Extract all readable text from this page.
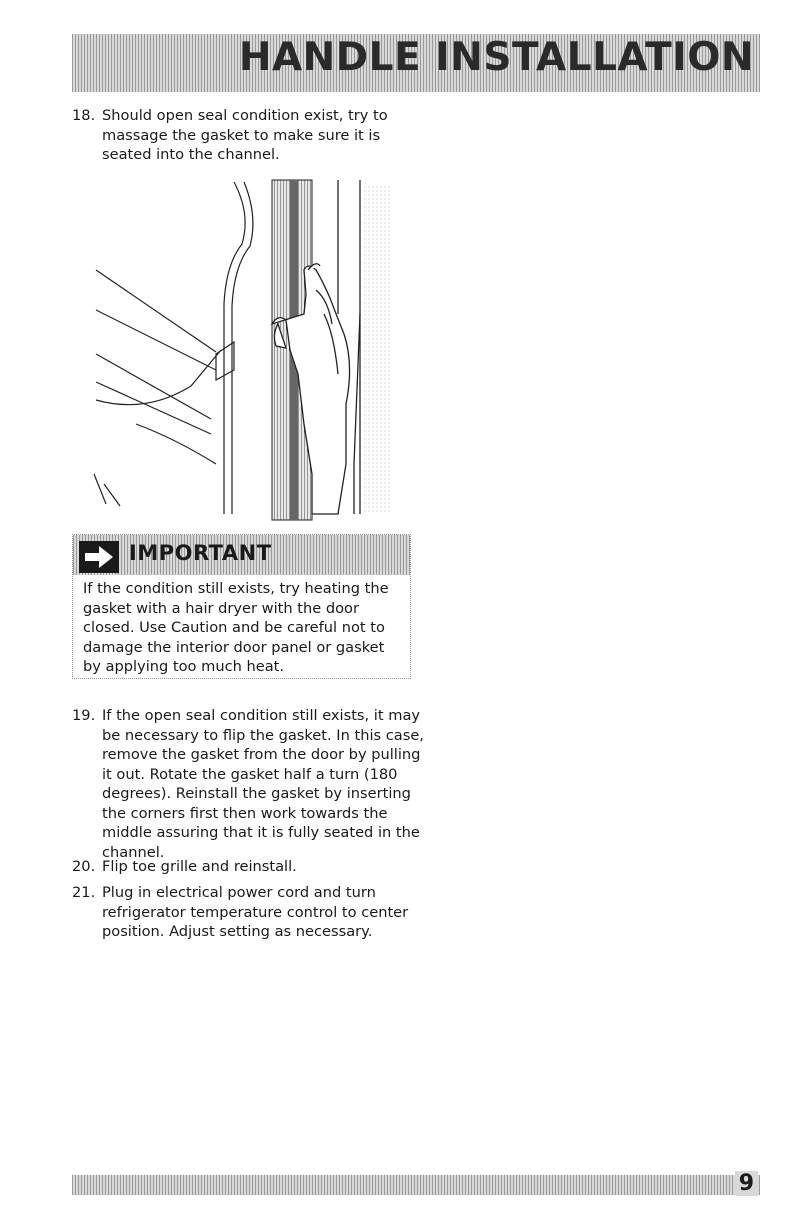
HANDLE INSTALLATION
18. Should open seal condition exist, try to massage the gasket to make sure it is seated into the channel.
IMPORTANT
If the condition still exists, try heating the gasket with a hair dryer with the door closed. Use Caution and be careful not to damage the interior door panel or gasket by applying too much heat.
19. If the open seal condition still exists, it may be necessary to flip the gasket. In this case, remove the gasket from the door by pulling it out. Rotate the gasket half a turn (180 degrees). Reinstall the gasket by inserting the corners first then work towards the middle assuring that it is fully seated in the channel.
20. Flip toe grille and reinstall.
21. Plug in electrical power cord and turn refrigerator temperature control to center position. Adjust setting as necessary.
9
